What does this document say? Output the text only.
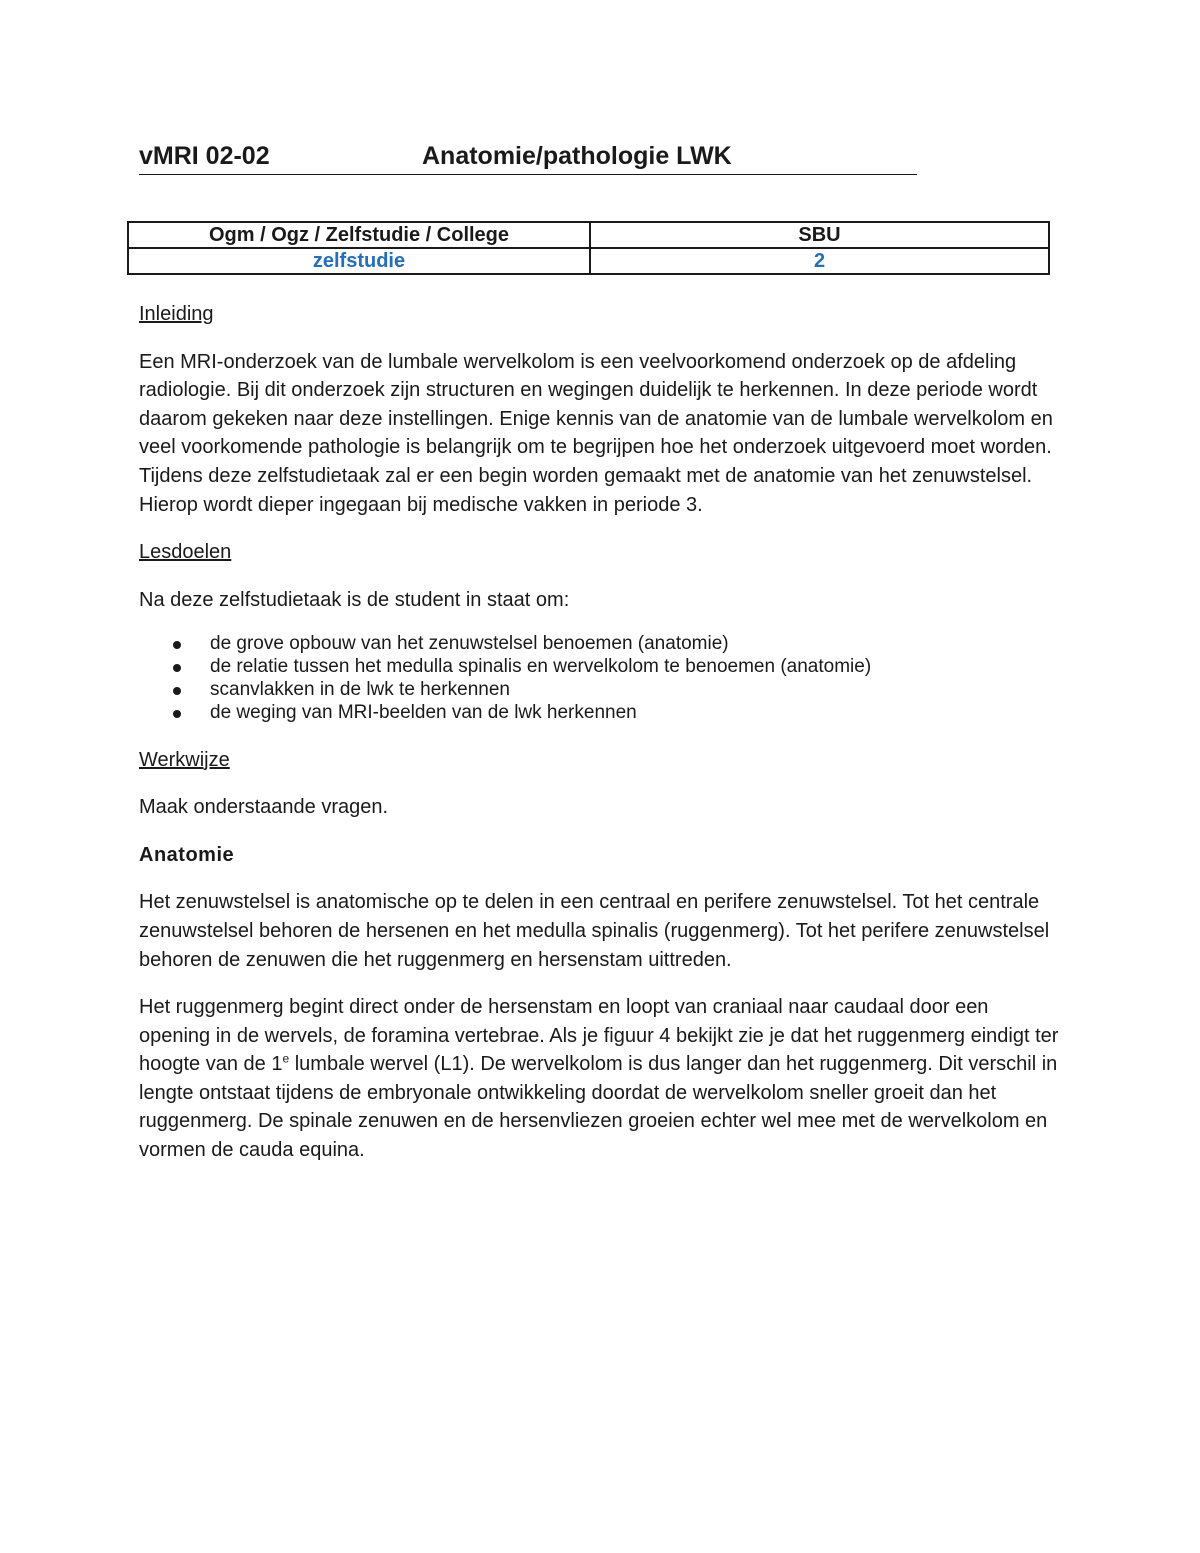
vMRI 02-02	Anatomie/pathologie LWK
Ogm / Ogz / Zelfstudie / College	SBU
zelfstudie	2

Inleiding

Een MRI-onderzoek van de lumbale wervelkolom is een veelvoorkomend onderzoek op de afdeling radiologie. Bij dit onderzoek zijn structuren en wegingen duidelijk te herkennen. In deze periode wordt daarom gekeken naar deze instellingen. Enige kennis van de anatomie van de lumbale wervelkolom en veel voorkomende pathologie is belangrijk om te begrijpen hoe het onderzoek uitgevoerd moet worden. Tijdens deze zelfstudietaak zal er een begin worden gemaakt met de anatomie van het zenuwstelsel. Hierop wordt dieper ingegaan bij medische vakken in periode 3.

Lesdoelen

Na deze zelfstudietaak is de student in staat om:

de grove opbouw van het zenuwstelsel benoemen (anatomie)
de relatie tussen het medulla spinalis en wervelkolom te benoemen (anatomie)
scanvlakken in de lwk te herkennen
de weging van MRI-beelden van de lwk herkennen

Werkwijze

Maak onderstaande vragen.

Anatomie

Het zenuwstelsel is anatomische op te delen in een centraal en perifere zenuwstelsel. Tot het centrale zenuwstelsel behoren de hersenen en het medulla spinalis (ruggenmerg). Tot het perifere zenuwstelsel behoren de zenuwen die het ruggenmerg en hersenstam uittreden.

Het ruggenmerg begint direct onder de hersenstam en loopt van craniaal naar caudaal door een opening in de wervels, de foramina vertebrae. Als je figuur 4 bekijkt zie je dat het ruggenmerg eindigt ter hoogte van de 1e lumbale wervel (L1). De wervelkolom is dus langer dan het ruggenmerg. Dit verschil in lengte ontstaat tijdens de embryonale ontwikkeling doordat de wervelkolom sneller groeit dan het ruggenmerg. De spinale zenuwen en de hersenvliezen groeien echter wel mee met de wervelkolom en vormen de cauda equina.
